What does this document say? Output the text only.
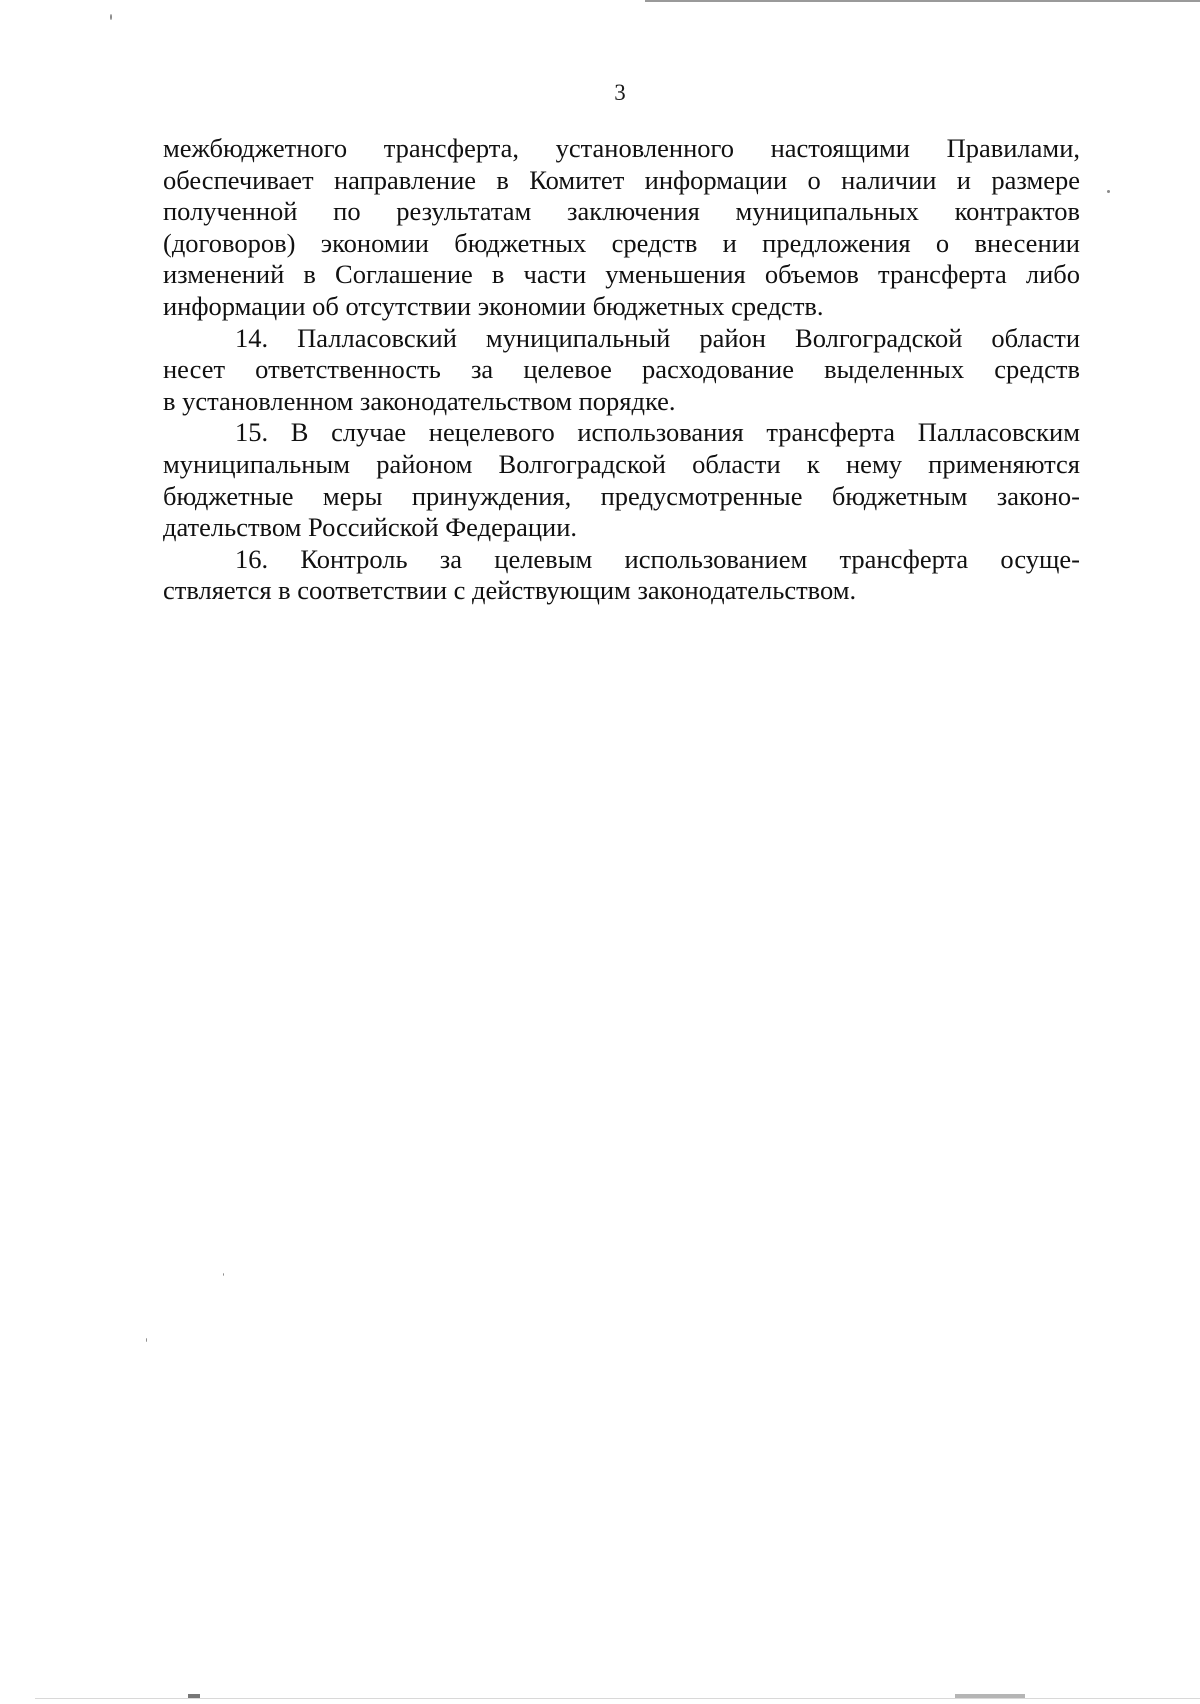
3
межбюджетного трансферта, установленного настоящими Правилами,
обеспечивает направление в Комитет информации о наличии и размере
полученной по результатам заключения муниципальных контрактов
(договоров) экономии бюджетных средств и предложения о внесении
изменений в Соглашение в части уменьшения объемов трансферта либо
информации об отсутствии экономии бюджетных средств.
14. Палласовский муниципальный район Волгоградской области
несет ответственность за целевое расходование выделенных средств
в установленном законодательством порядке.
15. В случае нецелевого использования трансферта Палласовским
муниципальным районом Волгоградской области к нему применяются
бюджетные меры принуждения, предусмотренные бюджетным законо-
дательством Российской Федерации.
16. Контроль за целевым использованием трансферта осуще-
ствляется в соответствии с действующим законодательством.
